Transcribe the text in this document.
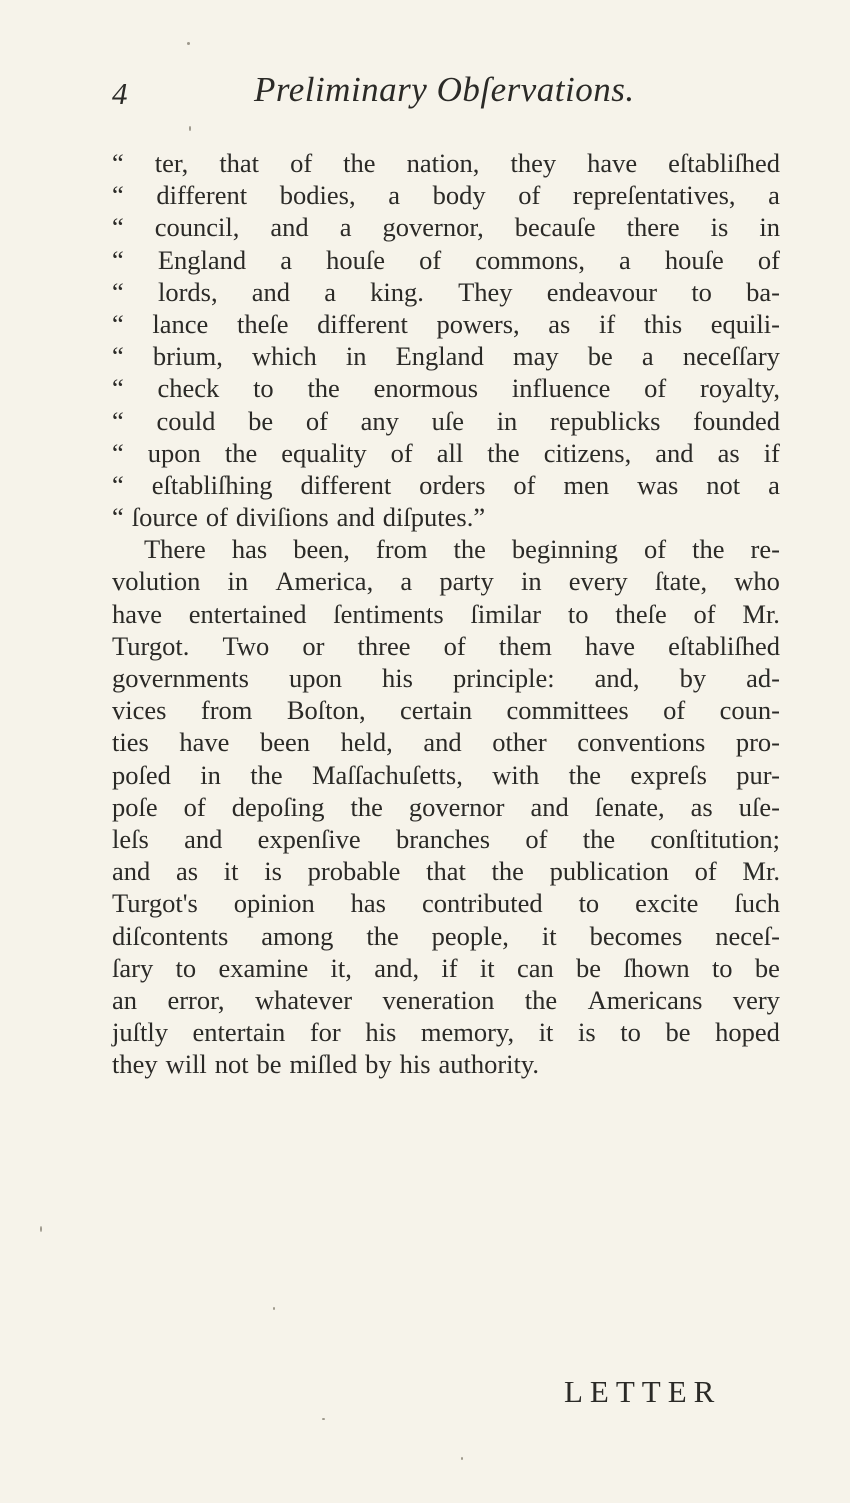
4	Preliminary Obſervations.
“ ter, that of the nation, they have eſtabliſhed
“ different bodies, a body of repreſentatives, a
“ council, and a governor, becauſe there is in
“ England a houſe of commons, a houſe of
“ lords, and a king. They endeavour to ba-
“ lance theſe different powers, as if this equili-
“ brium, which in England may be a neceſſary
“ check to the enormous influence of royalty,
“ could be of any uſe in republicks founded
“ upon the equality of all the citizens, and as if
“ eſtabliſhing different orders of men was not a
“ ſource of diviſions and diſputes.”
There has been, from the beginning of the re-
volution in America, a party in every ſtate, who
have entertained ſentiments ſimilar to theſe of Mr.
Turgot. Two or three of them have eſtabliſhed
governments upon his principle: and, by ad-
vices from Boſton, certain committees of coun-
ties have been held, and other conventions pro-
poſed in the Maſſachuſetts, with the expreſs pur-
poſe of depoſing the governor and ſenate, as uſe-
leſs and expenſive branches of the conſtitution;
and as it is probable that the publication of Mr.
Turgot's opinion has contributed to excite ſuch
diſcontents among the people, it becomes neceſ-
ſary to examine it, and, if it can be ſhown to be
an error, whatever veneration the Americans very
juſtly entertain for his memory, it is to be hoped
they will not be miſled by his authority.
LETTER
